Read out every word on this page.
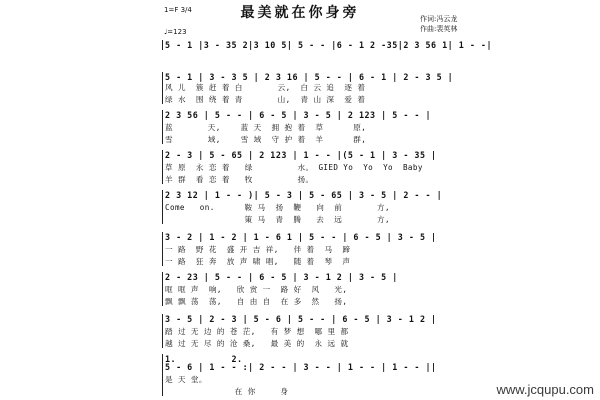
最美就在你身旁
1=F 3/4
♩=123
作词:冯云龙
作曲:裴英林
5 - 1 |3 - 35 2|3 10 5| 5 - - |6 - 1 2 -35|2 3 56 1| 1 - -|
5 - 1 | 3 - 3 5 | 2 3 16 | 5 - - | 6 - 1 | 2 - 3 5 |
风 儿  簇 赶 着 白       云,  白 云 追  逐 着
绿 水  围 绕 着 青       山,  青 山 深  爱 着
2 3 56 | 5 - - | 6 - 5 | 3 - 5 | 2 123 | 5 - - |
蓝       天,    蓝 天  拥 抱 着  草      原,
雪       域,    雪 域  守 护 着  羊      群,
2 - 3 | 5 - 65 | 2 123 | 1 - - |(5 - 1 | 3 - 35 |
草 原  永 恋 着   绿         水。 GIED Yo  Yo  Yo  Baby
羊 群  看 恋 着   牧         扬。
2 3 12 | 1 - - )| 5 - 3 | 5 - 65 | 3 - 5 | 2 - - |
Come   on.      鞍 马  扬  鞭   向  前       方,
策 马  青  腾   去  远       方,
3 - 2 | 1 - 2 | 1 - 6 1 | 5 - - | 6 - 5 | 3 - 5 |
一 路  野 花  盛 开 吉 祥,   伴 着  马  蹄
一 路  狂 奔  放 声 啸 唱,   随 着  琴  声
2 - 23 | 5 - - | 6 - 5 | 3 - 1 2 | 3 - 5 |
哐 哐 声  响,   欣 赏 一  路 好  风   光,
飘 飘 荡  荡,   自 由 自  在 多  然   扬,
3 - 5 | 2 - 3 | 5 - 6 | 5 - - | 6 - 5 | 3 - 1 2 |
踏 过 无 边 的 苍 茫,   有 梦 想  哪 里 都
越 过 无 尽 的 沧 桑,   最 美 的  永 远 就
1.          2.
5 - 6 | 1 - - :| 2 - - | 3 - - | 1 - - | 1 - - ||
是 天 堂。
在 你     身	www.jcqupu.com
